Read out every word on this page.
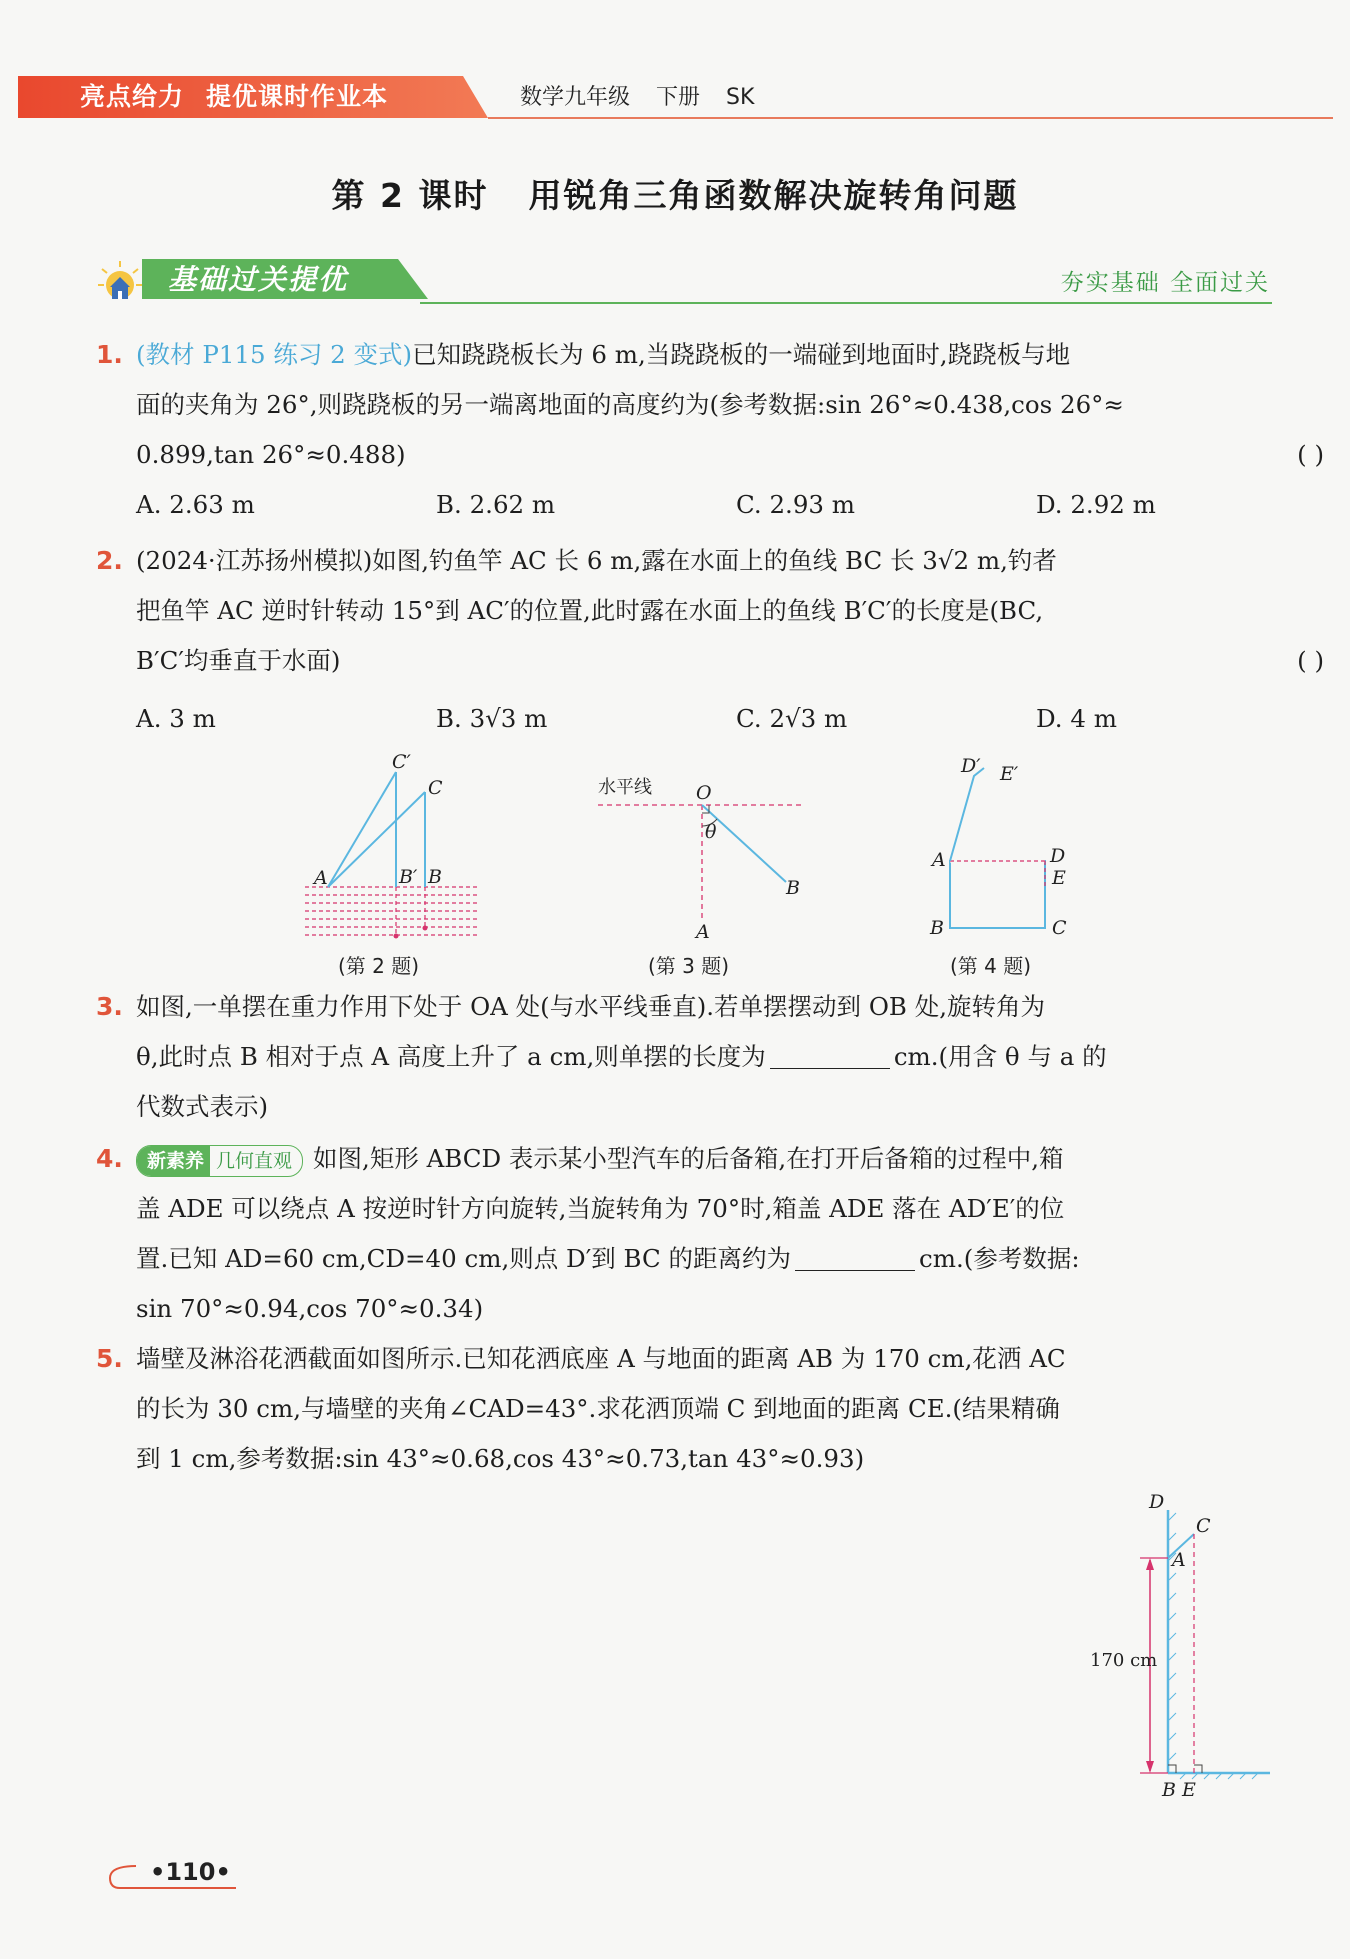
亮点给力 提优课时作业本	数学九年级 下册 SK
第 2 课时 用锐角三角函数解决旋转角问题
基础过关提优	夯实基础 全面过关
1. (教材 P115 练习 2 变式)已知跷跷板长为 6 m,当跷跷板的一端碰到地面时,跷跷板与地
面的夹角为 26°,则跷跷板的另一端离地面的高度约为(参考数据:sin 26°≈0.438,cos 26°≈
0.899,tan 26°≈0.488)	( )
A. 2.63 m	B. 2.62 m	C. 2.93 m	D. 2.92 m
2. (2024·江苏扬州模拟)如图,钓鱼竿 AC 长 6 m,露在水面上的鱼线 BC 长 3√2 m,钓者
把鱼竿 AC 逆时针转动 15°到 AC′的位置,此时露在水面上的鱼线 B′C′的长度是(BC,
B′C′均垂直于水面)	( )
A. 3 m	B. 3√3 m	C. 2√3 m	D. 4 m
C′
C
A	B′ B
(第 2 题)
水平线 O
θ
B
A
(第 3 题)
D′ E′
A	D
E
B	C
(第 4 题)
3. 如图,一单摆在重力作用下处于 OA 处(与水平线垂直).若单摆摆动到 OB 处,旋转角为
θ,此时点 B 相对于点 A 高度上升了 a cm,则单摆的长度为	cm.(用含 θ 与 a 的
代数式表示)
4.	新素养 几何直观 如图,矩形 ABCD 表示某小型汽车的后备箱,在打开后备箱的过程中,箱
盖 ADE 可以绕点 A 按逆时针方向旋转,当旋转角为 70°时,箱盖 ADE 落在 AD′E′的位
置.已知 AD=60 cm,CD=40 cm,则点 D′到 BC 的距离约为	cm.(参考数据:
sin 70°≈0.94,cos 70°≈0.34)
5. 墙壁及淋浴花洒截面如图所示.已知花洒底座 A 与地面的距离 AB 为 170 cm,花洒 AC
的长为 30 cm,与墙壁的夹角∠CAD=43°.求花洒顶端 C 到地面的距离 CE.(结果精确
到 1 cm,参考数据:sin 43°≈0.68,cos 43°≈0.73,tan 43°≈0.93)
D
C
A
170 cm
B E
•110•
